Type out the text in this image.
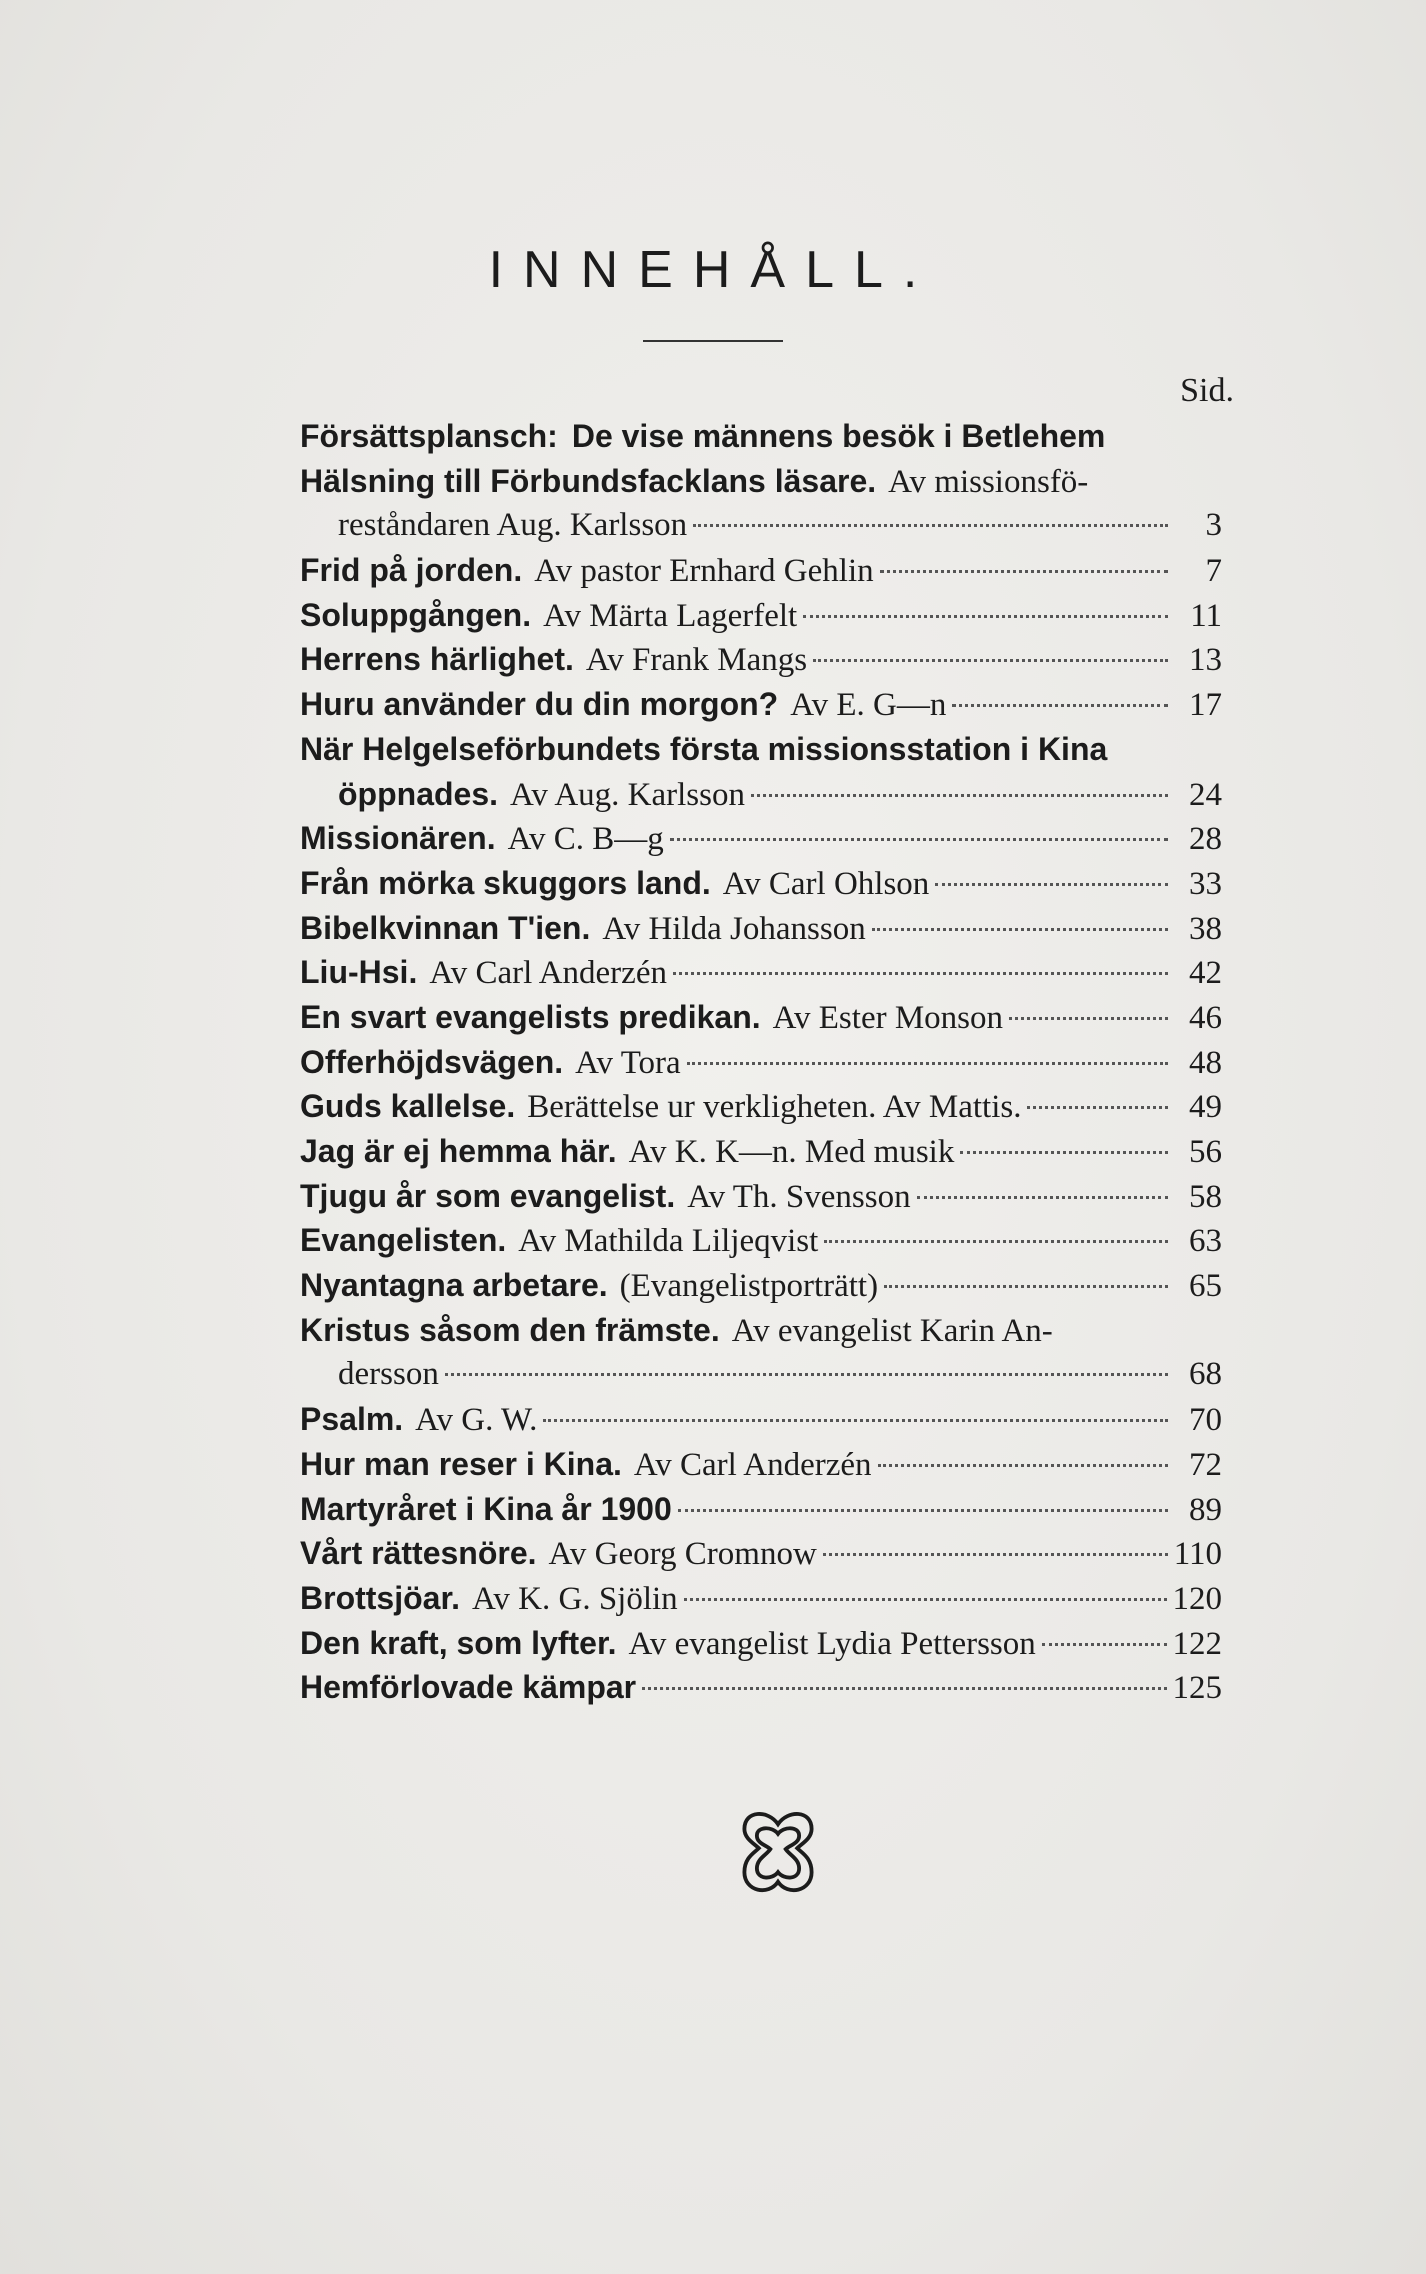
INNEHÅLL.
Sid.
Försättsplansch: De vise männens besök i Betlehem
Hälsning till Förbundsfacklans läsare. Av missionsfö-
reståndaren Aug. Karlsson	3
Frid på jorden. Av pastor Ernhard Gehlin	7
Soluppgången. Av Märta Lagerfelt	11
Herrens härlighet. Av Frank Mangs	13
Huru använder du din morgon? Av E. G—n	17
När Helgelseförbundets första missionsstation i Kina
öppnades. Av Aug. Karlsson	24
Missionären. Av C. B—g	28
Från mörka skuggors land. Av Carl Ohlson	33
Bibelkvinnan T'ien. Av Hilda Johansson	38
Liu-Hsi. Av Carl Anderzén	42
En svart evangelists predikan. Av Ester Monson	46
Offerhöjdsvägen. Av Tora	48
Guds kallelse. Berättelse ur verkligheten. Av Mattis.	49
Jag är ej hemma här. Av K. K—n. Med musik	56
Tjugu år som evangelist. Av Th. Svensson	58
Evangelisten. Av Mathilda Liljeqvist	63
Nyantagna arbetare. (Evangelistporträtt)	65
Kristus såsom den främste. Av evangelist Karin An-
dersson	68
Psalm. Av G. W.	70
Hur man reser i Kina. Av Carl Anderzén	72
Martyråret i Kina år 1900	89
Vårt rättesnöre. Av Georg Cromnow	110
Brottsjöar. Av K. G. Sjölin	120
Den kraft, som lyfter. Av evangelist Lydia Pettersson	122
Hemförlovade kämpar	125
